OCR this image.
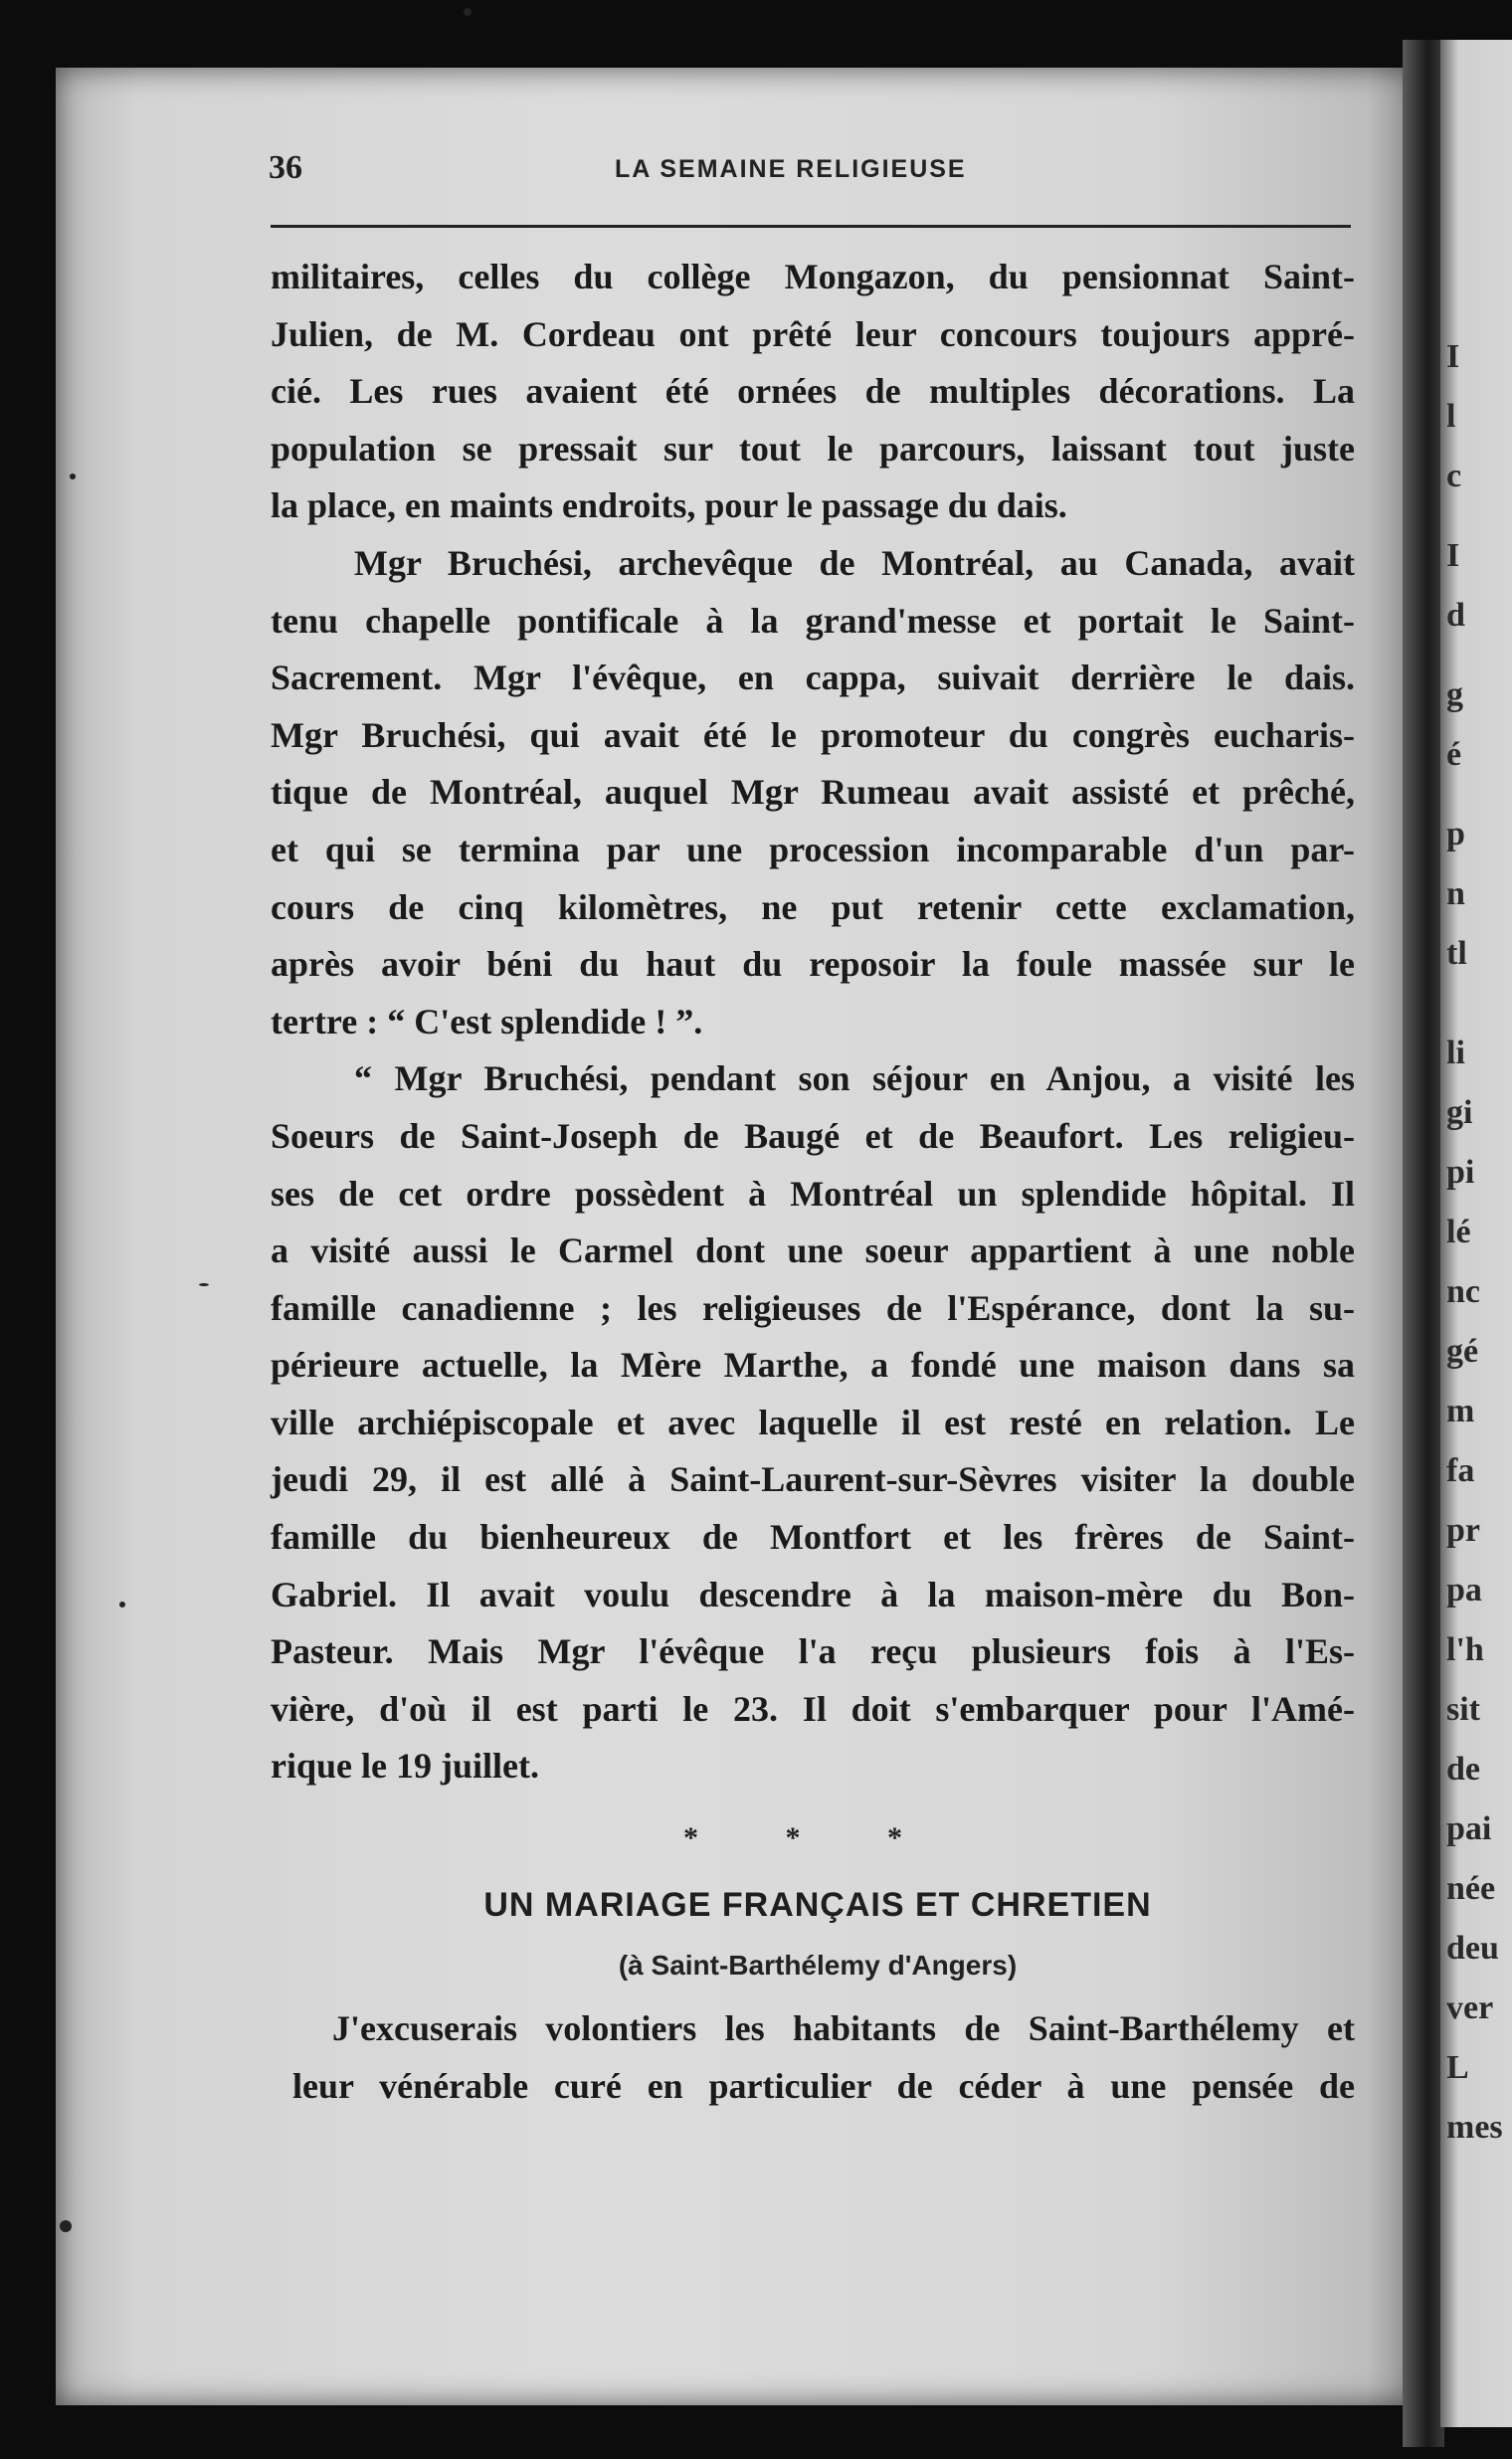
I
l
c
I
d
g
é
p
n
tl
li
gi
pi
lé
nc
gé
m
fa
pr
pa
l'h
sit
de
pai
née
deu
ver
L
mes
36	LA SEMAINE RELIGIEUSE

militaires, celles du collège Mongazon, du pensionnat Saint-
Julien, de M. Cordeau ont prêté leur concours toujours appré-
cié. Les rues avaient été ornées de multiples décorations. La
population se pressait sur tout le parcours, laissant tout juste
la place, en maints endroits, pour le passage du dais.

Mgr Bruchési, archevêque de Montréal, au Canada, avait
tenu chapelle pontificale à la grand'messe et portait le Saint-
Sacrement. Mgr l'évêque, en cappa, suivait derrière le dais.
Mgr Bruchési, qui avait été le promoteur du congrès eucharis-
tique de Montréal, auquel Mgr Rumeau avait assisté et prêché,
et qui se termina par une procession incomparable d'un par-
cours de cinq kilomètres, ne put retenir cette exclamation,
après avoir béni du haut du reposoir la foule massée sur le
tertre : “ C'est splendide ! ”.

“ Mgr Bruchési, pendant son séjour en Anjou, a visité les
Soeurs de Saint-Joseph de Baugé et de Beaufort. Les religieu-
ses de cet ordre possèdent à Montréal un splendide hôpital. Il
a visité aussi le Carmel dont une soeur appartient à une noble
famille canadienne ; les religieuses de l'Espérance, dont la su-
périeure actuelle, la Mère Marthe, a fondé une maison dans sa
ville archiépiscopale et avec laquelle il est resté en relation. Le
jeudi 29, il est allé à Saint-Laurent-sur-Sèvres visiter la double
famille du bienheureux de Montfort et les frères de Saint-
Gabriel. Il avait voulu descendre à la maison-mère du Bon-
Pasteur. Mais Mgr l'évêque l'a reçu plusieurs fois à l'Es-
vière, d'où il est parti le 23. Il doit s'embarquer pour l'Amé-
rique le 19 juillet.

* * *
UN MARIAGE FRANÇAIS ET CHRETIEN
(à Saint-Barthélemy d'Angers)
J'excuserais volontiers les habitants de Saint-Barthélemy et
leur vénérable curé en particulier de céder à une pensée de
